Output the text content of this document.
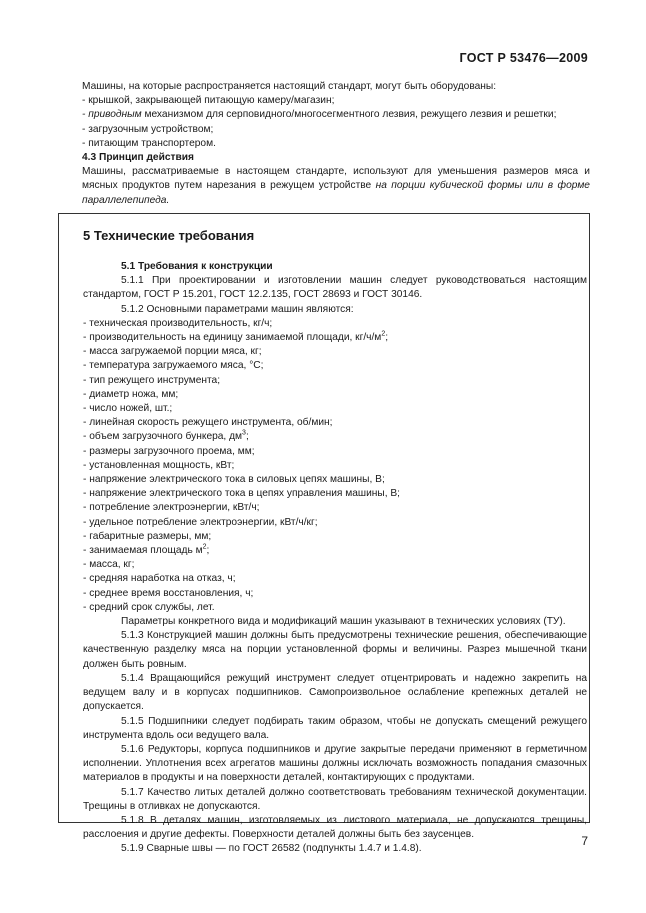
ГОСТ Р 53476—2009

Машины, на которые распространяется настоящий стандарт, могут быть оборудованы:

- крышкой, закрывающей питающую камеру/магазин;

- приводным механизмом для серповидного/многосегментного лезвия, режущего лезвия и решетки;

- загрузочным устройством;

- питающим транспортером.

4.3 Принцип действия

Машины, рассматриваемые в настоящем стандарте, используют для уменьшения размеров мяса и мясных продуктов путем нарезания в режущем устройстве на порции кубической формы или в форме параллелепипеда.

5 Технические требования

5.1 Требования к конструкции

5.1.1 При проектировании и изготовлении машин следует руководствоваться настоящим стандартом, ГОСТ Р 15.201, ГОСТ 12.2.135, ГОСТ 28693 и ГОСТ 30146.

5.1.2 Основными параметрами машин являются:

- техническая производительность, кг/ч;

- производительность на единицу занимаемой площади, $кг/ч/м^2$;

- масса загружаемой порции мяса, кг;

- температура загружаемого мяса, °С;

- тип режущего инструмента;

- диаметр ножа, мм;

- число ножей, шт.;

- линейная скорость режущего инструмента, об/мин;

- объем загрузочного бункера, $дм^3$;

- размеры загрузочного проема, мм;

- установленная мощность, кВт;

- напряжение электрического тока в силовых цепях машины, В;

- напряжение электрического тока в цепях управления машины, В;

- потребление электроэнергии, кВт/ч;

- удельное потребление электроэнергии, кВт/ч/кг;

- габаритные размеры, мм;

- занимаемая площадь $м^2$;

- масса, кг;

- средняя наработка на отказ, ч;

- среднее время восстановления, ч;

- средний срок службы, лет.

Параметры конкретного вида и модификаций машин указывают в технических условиях (ТУ).

5.1.3 Конструкцией машин должны быть предусмотрены технические решения, обеспечивающие качественную разделку мяса на порции установленной формы и величины. Разрез мышечной ткани должен быть ровным.

5.1.4 Вращающийся режущий инструмент следует отцентрировать и надежно закрепить на ведущем валу и в корпусах подшипников. Самопроизвольное ослабление крепежных деталей не допускается.

5.1.5 Подшипники следует подбирать таким образом, чтобы не допускать смещений режущего инструмента вдоль оси ведущего вала.

5.1.6 Редукторы, корпуса подшипников и другие закрытые передачи применяют в герметичном исполнении. Уплотнения всех агрегатов машины должны исключать возможность попадания смазочных материалов в продукты и на поверхности деталей, контактирующих с продуктами.

5.1.7 Качество литых деталей должно соответствовать требованиям технической документации. Трещины в отливках не допускаются.

5.1.8 В деталях машин, изготовляемых из листового материала, не допускаются трещины, расслоения и другие дефекты. Поверхности деталей должны быть без заусенцев.

5.1.9 Сварные швы — по ГОСТ 26582 (подпункты 1.4.7 и 1.4.8).

7
